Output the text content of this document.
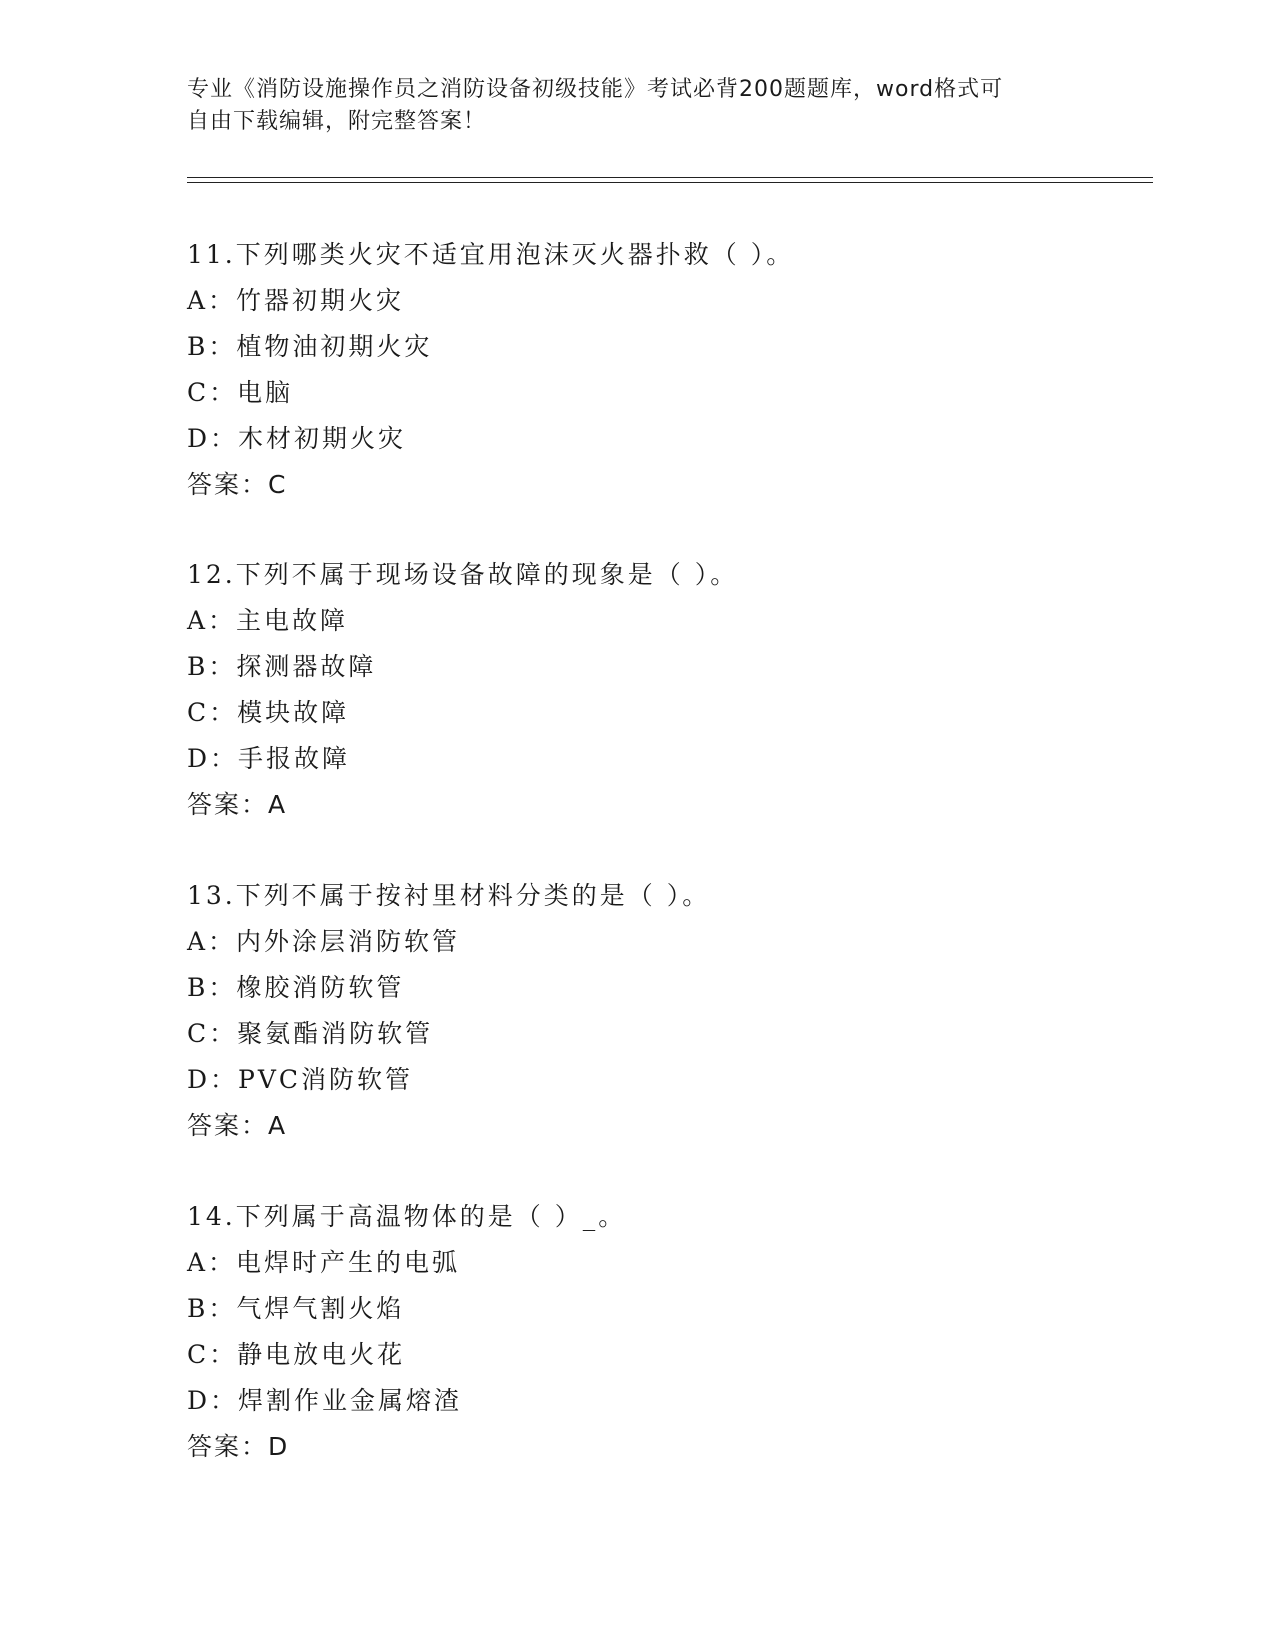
专业《消防设施操作员之消防设备初级技能》考试必背200题题库，word格式可
自由下载编辑，附完整答案！
11.下列哪类火灾不适宜用泡沫灭火器扑救（ ）。
A：竹器初期火灾
B：植物油初期火灾
C：电脑
D：木材初期火灾
答案：C
12.下列不属于现场设备故障的现象是（ ）。
A：主电故障
B：探测器故障
C：模块故障
D：手报故障
答案：A
13.下列不属于按衬里材料分类的是（ ）。
A：内外涂层消防软管
B：橡胶消防软管
C：聚氨酯消防软管
D：PVC消防软管
答案：A
14.下列属于高温物体的是（ ）_。
A：电焊时产生的电弧
B：气焊气割火焰
C：静电放电火花
D：焊割作业金属熔渣
答案：D
